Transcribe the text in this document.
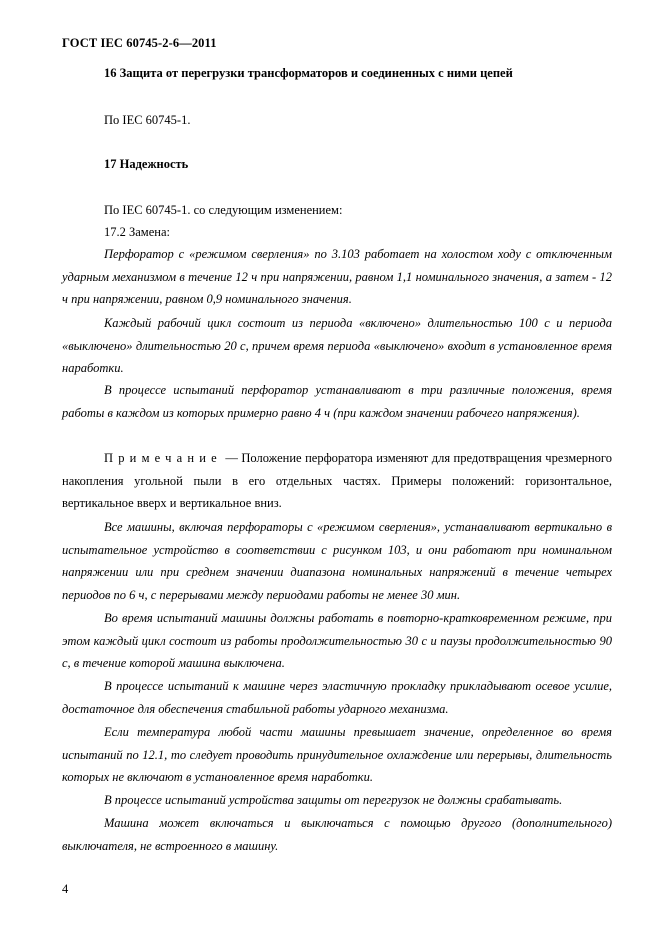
ГОСТ IEC 60745-2-6—2011
16 Защита от перегрузки трансформаторов и соединенных с ними цепей
По IEC 60745-1.
17 Надежность
По IEC 60745-1. со следующим изменением:
17.2 Замена:

Перфоратор с «режимом сверления» по 3.103 работает на холостом ходу с отключенным ударным механизмом в течение 12 ч при напряжении, равном 1,1 номинального значения, а затем - 12 ч при напряжении, равном 0,9 номинального значения.

Каждый рабочий цикл состоит из периода «включено» длительностью 100 с и периода «выключено» длительностью 20 с, причем время периода «выключено» входит в установленное время наработки.

В процессе испытаний перфоратор устанавливают в три различные положения, время работы в каждом из которых примерно равно 4 ч (при каждом значении рабочего напряжения).

Примечание — Положение перфоратора изменяют для предотвращения чрезмерного накопления угольной пыли в его отдельных частях. Примеры положений: горизонтальное, вертикальное вверх и вертикальное вниз.

Все машины, включая перфораторы с «режимом сверления», устанавливают вертикально в испытательное устройство в соответствии с рисунком 103, и они работают при номинальном напряжении или при среднем значении диапазона номинальных напряжений в течение четырех периодов по 6 ч, с перерывами между периодами работы не менее 30 мин.

Во время испытаний машины должны работать в повторно-кратковременном режиме, при этом каждый цикл состоит из работы продолжительностью 30 с и паузы продолжительностью 90 с, в течение которой машина выключена.

В процессе испытаний к машине через эластичную прокладку прикладывают осевое усилие, достаточное для обеспечения стабильной работы ударного механизма.

Если температура любой части машины превышает значение, определенное во время испытаний по 12.1, то следует проводить принудительное охлаждение или перерывы, длительность которых не включают в установленное время наработки.

В процессе испытаний устройства защиты от перегрузок не должны срабатывать.

Машина может включаться и выключаться с помощью другого (дополнительного) выключателя, не встроенного в машину.

4
